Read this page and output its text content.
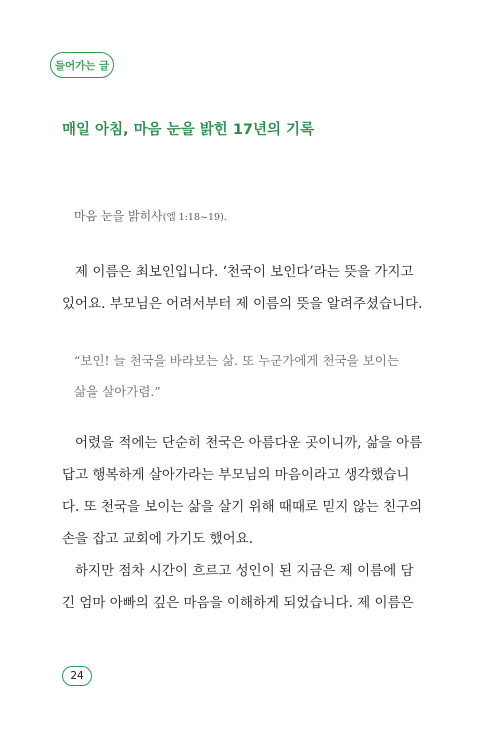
들어가는 글
매일 아침, 마음 눈을 밝힌 17년의 기록
마음 눈을 밝히사(엡 1:18~19).
제 이름은 최보인입니다. ‘천국이 보인다’라는 뜻을 가지고
있어요. 부모님은 어려서부터 제 이름의 뜻을 알려주셨습니다.
“보인! 늘 천국을 바라보는 삶. 또 누군가에게 천국을 보이는
삶을 살아가렴.”
어렸을 적에는 단순히 천국은 아름다운 곳이니까, 삶을 아름
답고 행복하게 살아가라는 부모님의 마음이라고 생각했습니
다. 또 천국을 보이는 삶을 살기 위해 때때로 믿지 않는 친구의
손을 잡고 교회에 가기도 했어요.
하지만 점차 시간이 흐르고 성인이 된 지금은 제 이름에 담
긴 엄마 아빠의 깊은 마음을 이해하게 되었습니다. 제 이름은
24
